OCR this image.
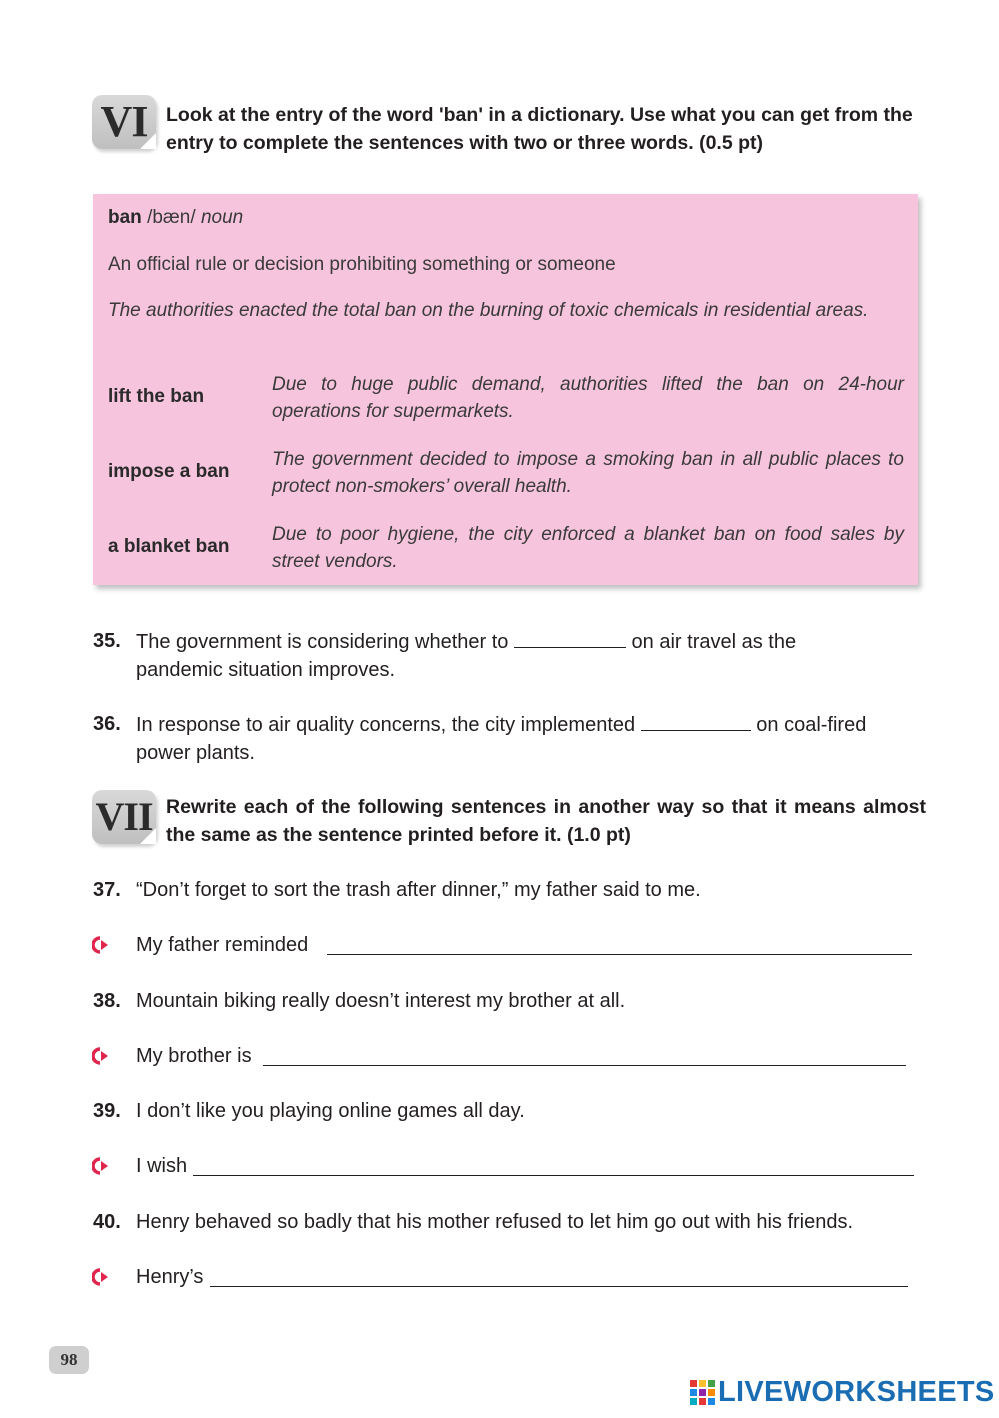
VI Look at the entry of the word 'ban' in a dictionary. Use what you can get from the entry to complete the sentences with two or three words. (0.5 pt)
ban /bæn/ noun
An official rule or decision prohibiting something or someone
The authorities enacted the total ban on the burning of toxic chemicals in residential areas.
lift the ban
Due to huge public demand, authorities lifted the ban on 24-hour operations for supermarkets.
impose a ban
The government decided to impose a smoking ban in all public places to protect non-smokers’ overall health.
a blanket ban
Due to poor hygiene, the city enforced a blanket ban on food sales by street vendors.
35. The government is considering whether to	on air travel as the
pandemic situation improves.
36. In response to air quality concerns, the city implemented	on coal-fired
power plants.
VII Rewrite each of the following sentences in another way so that it means almost the same as the sentence printed before it. (1.0 pt)
37. “Don’t forget to sort the trash after dinner,” my father said to me.
My father reminded
38. Mountain biking really doesn’t interest my brother at all.
My brother is
39. I don’t like you playing online games all day.
I wish
40. Henry behaved so badly that his mother refused to let him go out with his friends.
Henry’s
98
LIVEWORKSHEETS
